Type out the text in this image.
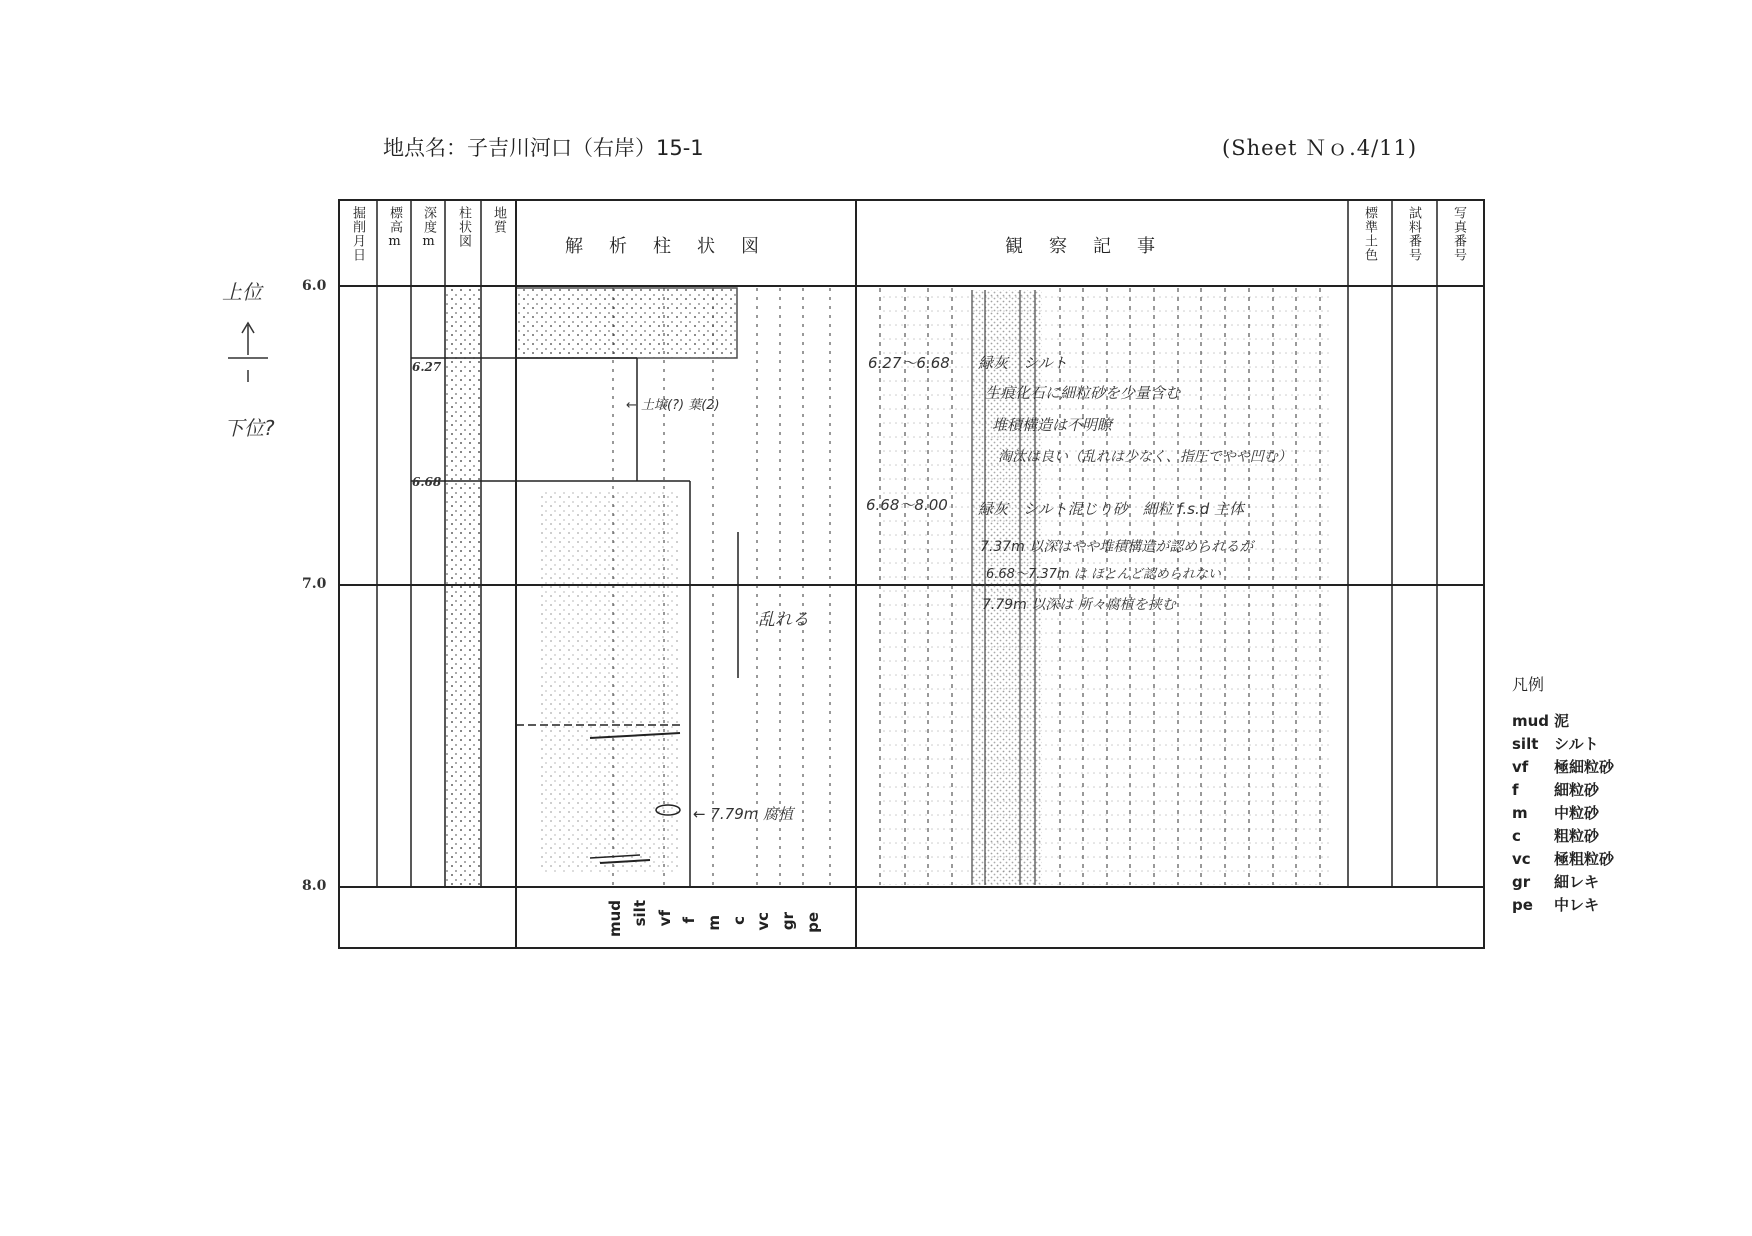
地点名：子吉川河口（右岸）15-1	(Sheet Ｎｏ.4/11)
掘削月日 標高m 深度m 柱状図 地質
解　析　柱　状　図	観　察　記　事	標準土色 試料番号 写真番号
6.0
7.0
8.0
6.27
6.68
上位
下位?
← 土壌(?) 葉(2)
乱れる
← 7.79m 腐植
6.27～6.68 緑灰　シルト
生痕化石に細粒砂を少量含む
堆積構造は不明瞭
淘汰は良い（乱れは少なく、指圧でやや凹む）
6.68～8.00 緑灰　シルト混じり砂　細粒 f.s.d 主体
7.37m 以深はやや堆積構造が認められるが
6.68～7.37m は ほとんど認められない
7.79m 以深は 所々腐植を挟む
mud silt vf f m c vc gr pe
凡例
mud 泥
silt シルト
vf 極細粒砂
f 細粒砂
m 中粒砂
c 粗粒砂
vc 極粗粒砂
gr 細レキ
pe 中レキ
